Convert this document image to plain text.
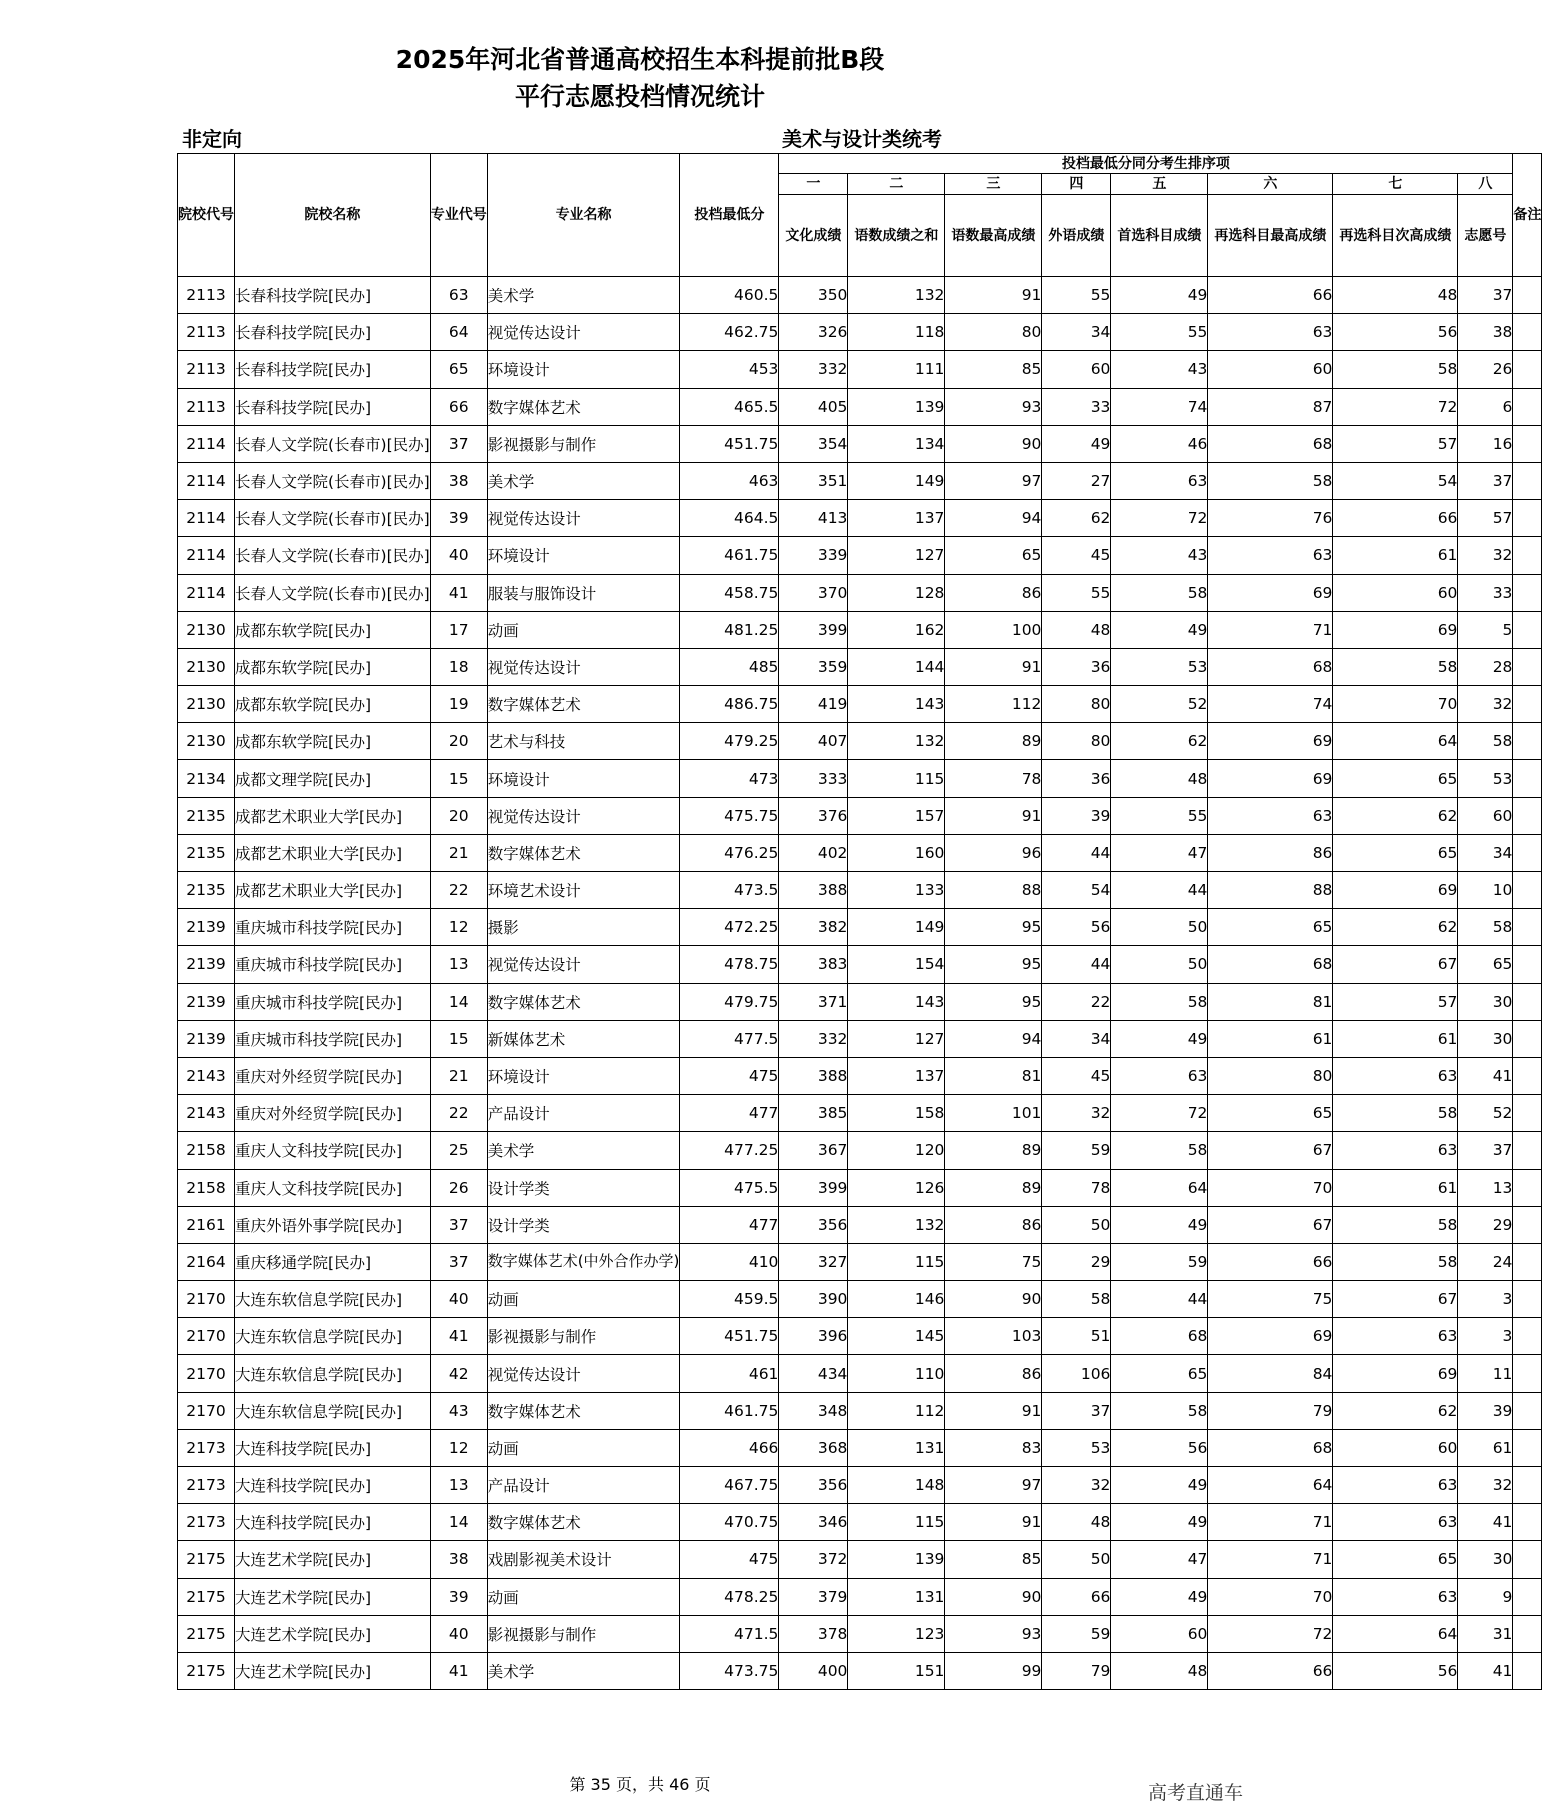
2025年河北省普通高校招生本科提前批B段
平行志愿投档情况统计
非定向	美术与设计类统考
院校代号	院校名称	专业代号	专业名称	投档最低分	投档最低分同分考生排序项								备注
					一	二	三	四	五	六	七	八	
					文化成绩	语数成绩之和	语数最高成绩	外语成绩	首选科目成绩	再选科目最高成绩	再选科目次高成绩	志愿号	
2113	长春科技学院[民办]	63	美术学	460.5	350	132	91	55	49	66	48	37	
2113	长春科技学院[民办]	64	视觉传达设计	462.75	326	118	80	34	55	63	56	38	
2113	长春科技学院[民办]	65	环境设计	453	332	111	85	60	43	60	58	26	
2113	长春科技学院[民办]	66	数字媒体艺术	465.5	405	139	93	33	74	87	72	6	
2114	长春人文学院(长春市)[民办]	37	影视摄影与制作	451.75	354	134	90	49	46	68	57	16	
2114	长春人文学院(长春市)[民办]	38	美术学	463	351	149	97	27	63	58	54	37	
2114	长春人文学院(长春市)[民办]	39	视觉传达设计	464.5	413	137	94	62	72	76	66	57	
2114	长春人文学院(长春市)[民办]	40	环境设计	461.75	339	127	65	45	43	63	61	32	
2114	长春人文学院(长春市)[民办]	41	服装与服饰设计	458.75	370	128	86	55	58	69	60	33	
2130	成都东软学院[民办]	17	动画	481.25	399	162	100	48	49	71	69	5	
2130	成都东软学院[民办]	18	视觉传达设计	485	359	144	91	36	53	68	58	28	
2130	成都东软学院[民办]	19	数字媒体艺术	486.75	419	143	112	80	52	74	70	32	
2130	成都东软学院[民办]	20	艺术与科技	479.25	407	132	89	80	62	69	64	58	
2134	成都文理学院[民办]	15	环境设计	473	333	115	78	36	48	69	65	53	
2135	成都艺术职业大学[民办]	20	视觉传达设计	475.75	376	157	91	39	55	63	62	60	
2135	成都艺术职业大学[民办]	21	数字媒体艺术	476.25	402	160	96	44	47	86	65	34	
2135	成都艺术职业大学[民办]	22	环境艺术设计	473.5	388	133	88	54	44	88	69	10	
2139	重庆城市科技学院[民办]	12	摄影	472.25	382	149	95	56	50	65	62	58	
2139	重庆城市科技学院[民办]	13	视觉传达设计	478.75	383	154	95	44	50	68	67	65	
2139	重庆城市科技学院[民办]	14	数字媒体艺术	479.75	371	143	95	22	58	81	57	30	
2139	重庆城市科技学院[民办]	15	新媒体艺术	477.5	332	127	94	34	49	61	61	30	
2143	重庆对外经贸学院[民办]	21	环境设计	475	388	137	81	45	63	80	63	41	
2143	重庆对外经贸学院[民办]	22	产品设计	477	385	158	101	32	72	65	58	52	
2158	重庆人文科技学院[民办]	25	美术学	477.25	367	120	89	59	58	67	63	37	
2158	重庆人文科技学院[民办]	26	设计学类	475.5	399	126	89	78	64	70	61	13	
2161	重庆外语外事学院[民办]	37	设计学类	477	356	132	86	50	49	67	58	29	
2164	重庆移通学院[民办]	37	数字媒体艺术(中外合作办学)	410	327	115	75	29	59	66	58	24	
2170	大连东软信息学院[民办]	40	动画	459.5	390	146	90	58	44	75	67	3	
2170	大连东软信息学院[民办]	41	影视摄影与制作	451.75	396	145	103	51	68	69	63	3	
2170	大连东软信息学院[民办]	42	视觉传达设计	461	434	110	86	106	65	84	69	11	
2170	大连东软信息学院[民办]	43	数字媒体艺术	461.75	348	112	91	37	58	79	62	39	
2173	大连科技学院[民办]	12	动画	466	368	131	83	53	56	68	60	61	
2173	大连科技学院[民办]	13	产品设计	467.75	356	148	97	32	49	64	63	32	
2173	大连科技学院[民办]	14	数字媒体艺术	470.75	346	115	91	48	49	71	63	41	
2175	大连艺术学院[民办]	38	戏剧影视美术设计	475	372	139	85	50	47	71	65	30	
2175	大连艺术学院[民办]	39	动画	478.25	379	131	90	66	49	70	63	9	
2175	大连艺术学院[民办]	40	影视摄影与制作	471.5	378	123	93	59	60	72	64	31	
2175	大连艺术学院[民办]	41	美术学	473.75	400	151	99	79	48	66	56	41	
第 35 页，共 46 页	高考直通车
